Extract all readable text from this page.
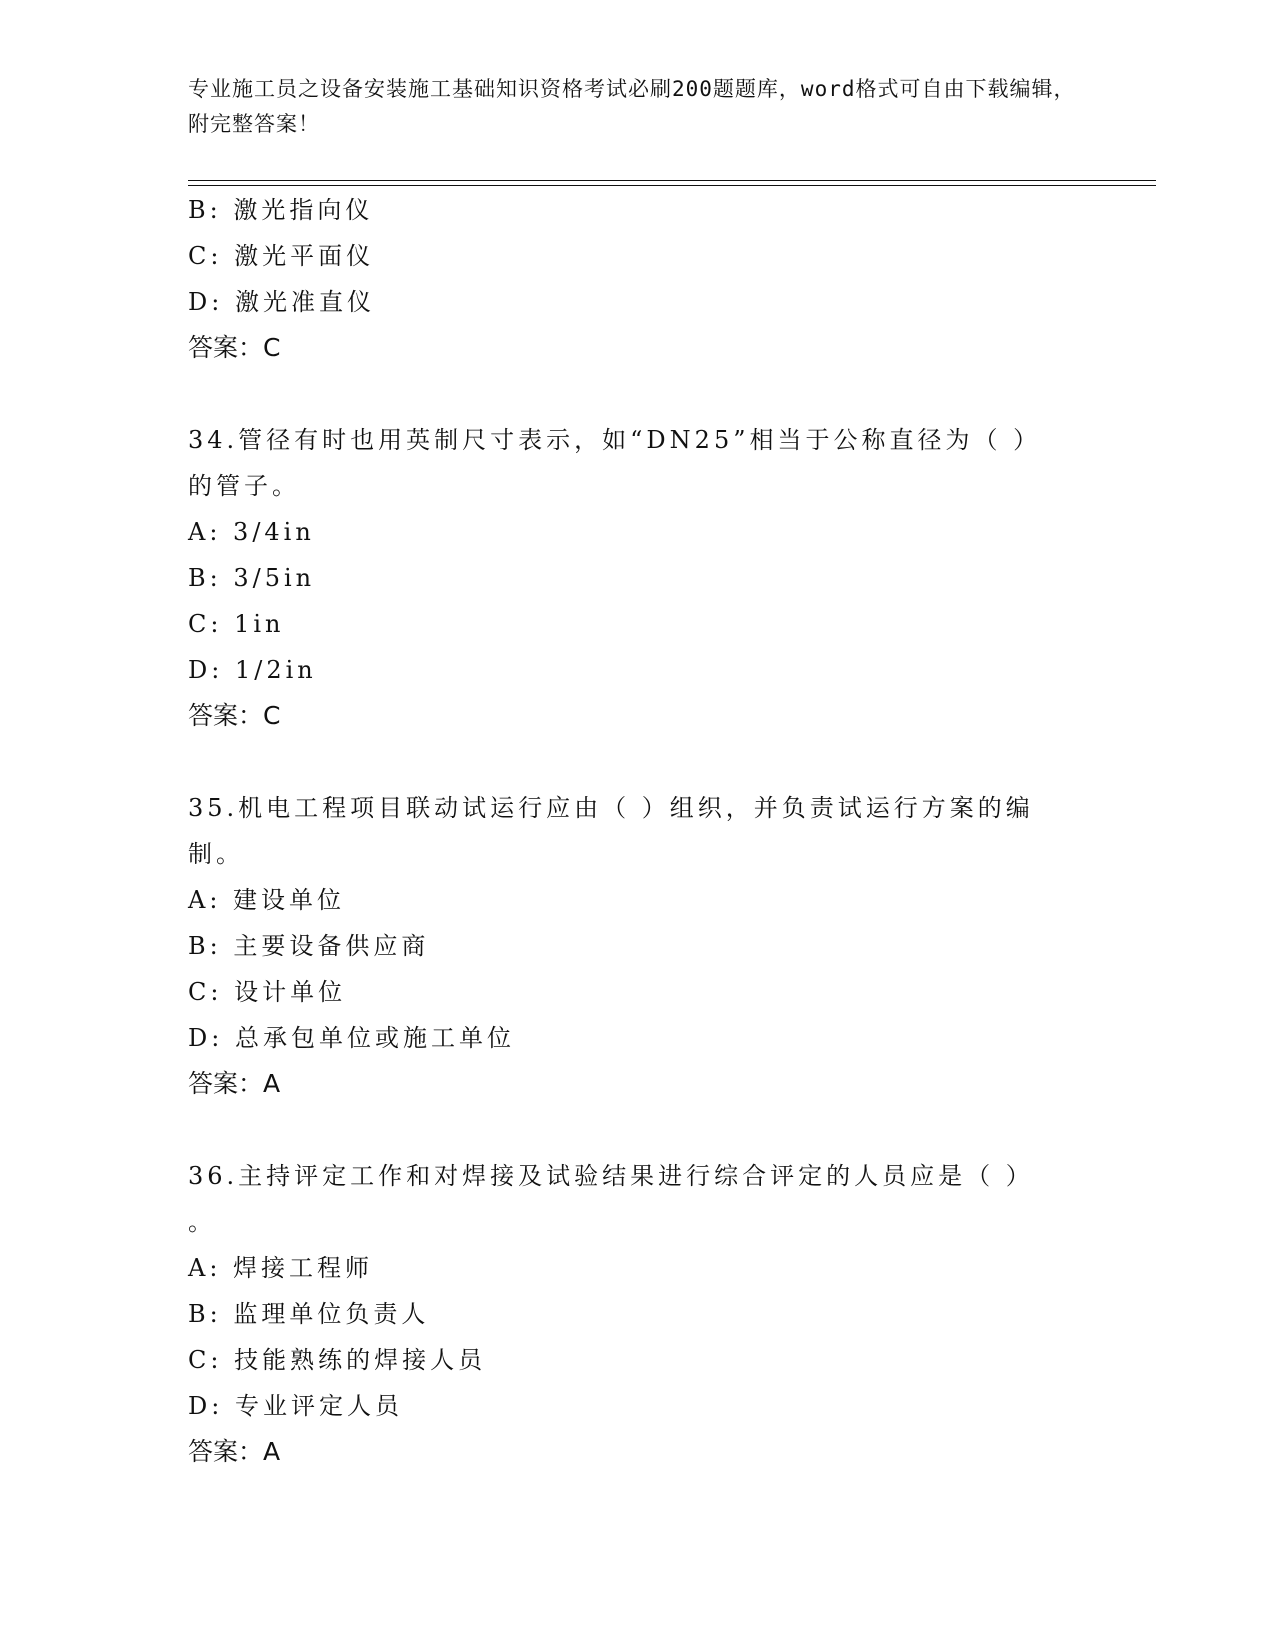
专业施工员之设备安装施工基础知识资格考试必刷200题题库，word格式可自由下载编辑，附完整答案！
B: 激光指向仪
C: 激光平面仪
D: 激光准直仪
答案：C
34.管径有时也用英制尺寸表示，如“DN25”相当于公称直径为（ ）
的管子。
A: 3/4in
B: 3/5in
C: 1in
D: 1/2in
答案：C
35.机电工程项目联动试运行应由（ ）组织，并负责试运行方案的编
制。
A: 建设单位
B: 主要设备供应商
C: 设计单位
D: 总承包单位或施工单位
答案：A
36.主持评定工作和对焊接及试验结果进行综合评定的人员应是（ ）
。
A: 焊接工程师
B: 监理单位负责人
C: 技能熟练的焊接人员
D: 专业评定人员
答案：A
